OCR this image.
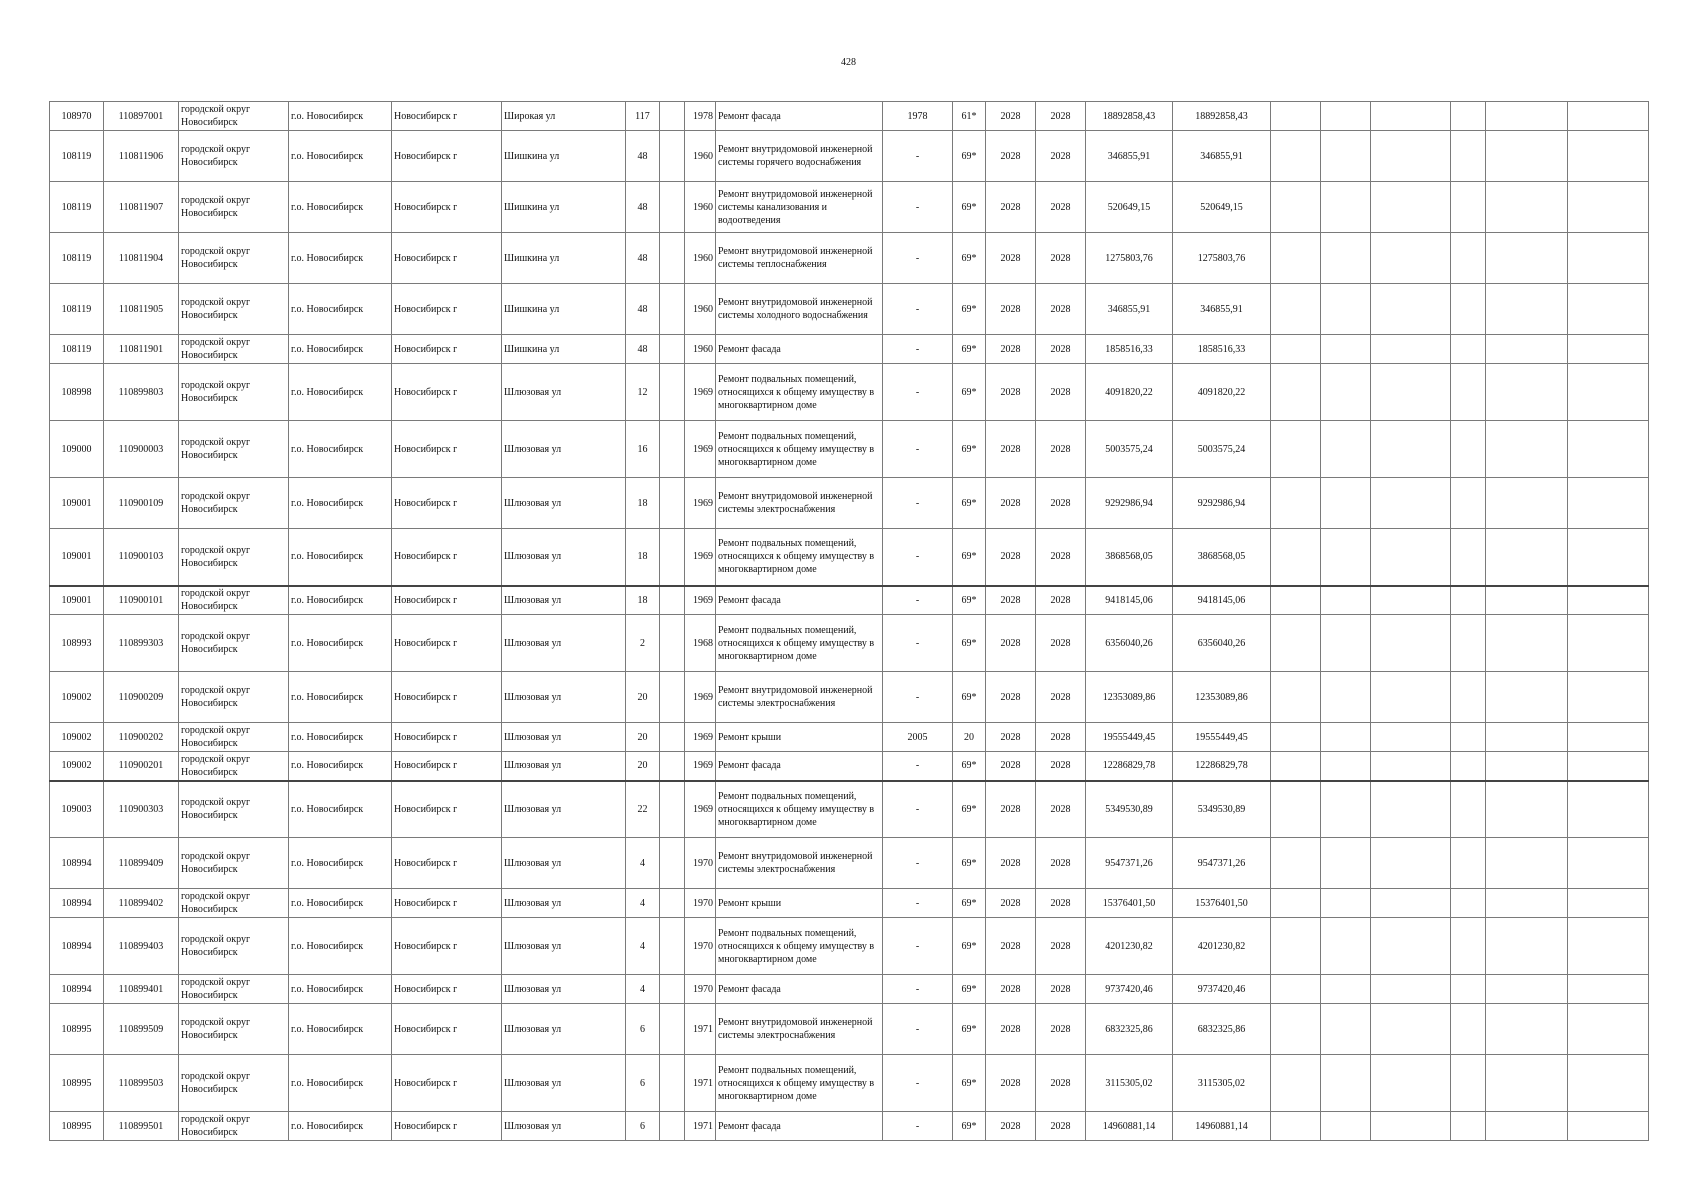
428
108970	110897001	городской округ Новосибирск	г.о. Новосибирск	Новосибирск г	Широкая ул	117		1978	Ремонт фасада	1978	61*	2028	2028	18892858,43	18892858,43						
108119	110811906	городской округ Новосибирск	г.о. Новосибирск	Новосибирск г	Шишкина ул	48		1960	Ремонт внутридомовой инженерной системы горячего водоснабжения	-	69*	2028	2028	346855,91	346855,91						
108119	110811907	городской округ Новосибирск	г.о. Новосибирск	Новосибирск г	Шишкина ул	48		1960	Ремонт внутридомовой инженерной системы канализования и водоотведения	-	69*	2028	2028	520649,15	520649,15						
108119	110811904	городской округ Новосибирск	г.о. Новосибирск	Новосибирск г	Шишкина ул	48		1960	Ремонт внутридомовой инженерной системы теплоснабжения	-	69*	2028	2028	1275803,76	1275803,76						
108119	110811905	городской округ Новосибирск	г.о. Новосибирск	Новосибирск г	Шишкина ул	48		1960	Ремонт внутридомовой инженерной системы холодного водоснабжения	-	69*	2028	2028	346855,91	346855,91						
108119	110811901	городской округ Новосибирск	г.о. Новосибирск	Новосибирск г	Шишкина ул	48		1960	Ремонт фасада	-	69*	2028	2028	1858516,33	1858516,33						
108998	110899803	городской округ Новосибирск	г.о. Новосибирск	Новосибирск г	Шлюзовая ул	12		1969	Ремонт подвальных помещений, относящихся к общему имуществу в многоквартирном доме	-	69*	2028	2028	4091820,22	4091820,22						
109000	110900003	городской округ Новосибирск	г.о. Новосибирск	Новосибирск г	Шлюзовая ул	16		1969	Ремонт подвальных помещений, относящихся к общему имуществу в многоквартирном доме	-	69*	2028	2028	5003575,24	5003575,24						
109001	110900109	городской округ Новосибирск	г.о. Новосибирск	Новосибирск г	Шлюзовая ул	18		1969	Ремонт внутридомовой инженерной системы электроснабжения	-	69*	2028	2028	9292986,94	9292986,94						
109001	110900103	городской округ Новосибирск	г.о. Новосибирск	Новосибирск г	Шлюзовая ул	18		1969	Ремонт подвальных помещений, относящихся к общему имуществу в многоквартирном доме	-	69*	2028	2028	3868568,05	3868568,05						
109001	110900101	городской округ Новосибирск	г.о. Новосибирск	Новосибирск г	Шлюзовая ул	18		1969	Ремонт фасада	-	69*	2028	2028	9418145,06	9418145,06						
108993	110899303	городской округ Новосибирск	г.о. Новосибирск	Новосибирск г	Шлюзовая ул	2		1968	Ремонт подвальных помещений, относящихся к общему имуществу в многоквартирном доме	-	69*	2028	2028	6356040,26	6356040,26						
109002	110900209	городской округ Новосибирск	г.о. Новосибирск	Новосибирск г	Шлюзовая ул	20		1969	Ремонт внутридомовой инженерной системы электроснабжения	-	69*	2028	2028	12353089,86	12353089,86						
109002	110900202	городской округ Новосибирск	г.о. Новосибирск	Новосибирск г	Шлюзовая ул	20		1969	Ремонт крыши	2005	20	2028	2028	19555449,45	19555449,45						
109002	110900201	городской округ Новосибирск	г.о. Новосибирск	Новосибирск г	Шлюзовая ул	20		1969	Ремонт фасада	-	69*	2028	2028	12286829,78	12286829,78						
109003	110900303	городской округ Новосибирск	г.о. Новосибирск	Новосибирск г	Шлюзовая ул	22		1969	Ремонт подвальных помещений, относящихся к общему имуществу в многоквартирном доме	-	69*	2028	2028	5349530,89	5349530,89						
108994	110899409	городской округ Новосибирск	г.о. Новосибирск	Новосибирск г	Шлюзовая ул	4		1970	Ремонт внутридомовой инженерной системы электроснабжения	-	69*	2028	2028	9547371,26	9547371,26						
108994	110899402	городской округ Новосибирск	г.о. Новосибирск	Новосибирск г	Шлюзовая ул	4		1970	Ремонт крыши	-	69*	2028	2028	15376401,50	15376401,50						
108994	110899403	городской округ Новосибирск	г.о. Новосибирск	Новосибирск г	Шлюзовая ул	4		1970	Ремонт подвальных помещений, относящихся к общему имуществу в многоквартирном доме	-	69*	2028	2028	4201230,82	4201230,82						
108994	110899401	городской округ Новосибирск	г.о. Новосибирск	Новосибирск г	Шлюзовая ул	4		1970	Ремонт фасада	-	69*	2028	2028	9737420,46	9737420,46						
108995	110899509	городской округ Новосибирск	г.о. Новосибирск	Новосибирск г	Шлюзовая ул	6		1971	Ремонт внутридомовой инженерной системы электроснабжения	-	69*	2028	2028	6832325,86	6832325,86						
108995	110899503	городской округ Новосибирск	г.о. Новосибирск	Новосибирск г	Шлюзовая ул	6		1971	Ремонт подвальных помещений, относящихся к общему имуществу в многоквартирном доме	-	69*	2028	2028	3115305,02	3115305,02						
108995	110899501	городской округ Новосибирск	г.о. Новосибирск	Новосибирск г	Шлюзовая ул	6		1971	Ремонт фасада	-	69*	2028	2028	14960881,14	14960881,14						
